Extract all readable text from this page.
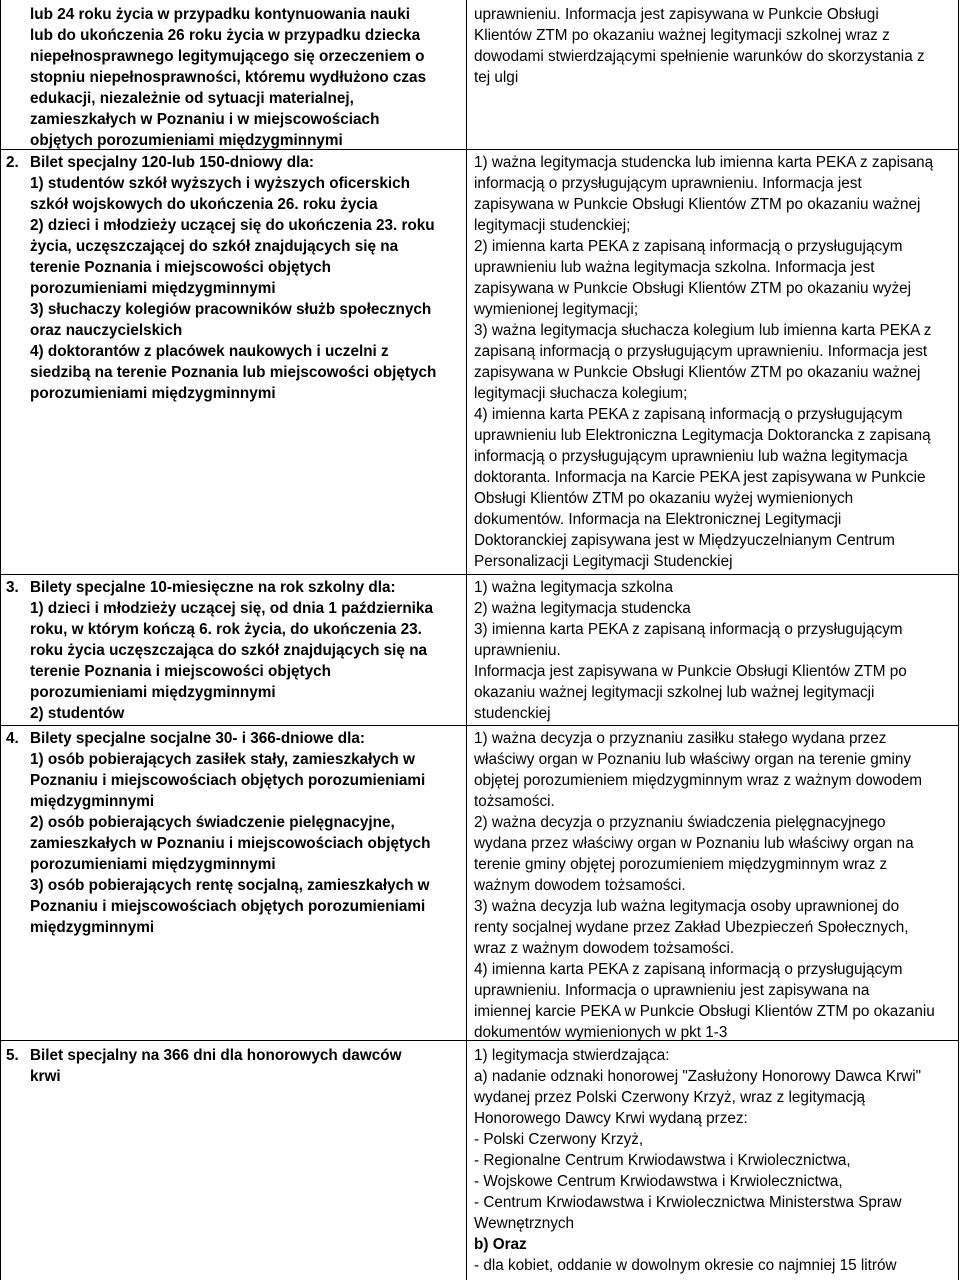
lub 24 roku życia w przypadku kontynuowania nauki
lub do ukończenia 26 roku życia w przypadku dziecka
niepełnosprawnego legitymującego się orzeczeniem o
stopniu niepełnosprawności, któremu wydłużono czas
edukacji, niezależnie od sytuacji materialnej,
zamieszkałych w Poznaniu i w miejscowościach
objętych porozumieniami międzygminnymi
uprawnieniu. Informacja jest zapisywana w Punkcie Obsługi
Klientów ZTM po okazaniu ważnej legitymacji szkolnej wraz z
dowodami stwierdzającymi spełnienie warunków do skorzystania z
tej ulgi
2. Bilet specjalny 120-lub 150-dniowy dla:
1) studentów szkół wyższych i wyższych oficerskich
szkół wojskowych do ukończenia 26. roku życia
2) dzieci i młodzieży uczącej się do ukończenia 23. roku
życia, uczęszczającej do szkół znajdujących się na
terenie Poznania i miejscowości objętych
porozumieniami międzygminnymi
3) słuchaczy kolegiów pracowników służb społecznych
oraz nauczycielskich
4) doktorantów z placówek naukowych i uczelni z
siedzibą na terenie Poznania lub miejscowości objętych
porozumieniami międzygminnymi
1) ważna legitymacja studencka lub imienna karta PEKA z zapisaną
informacją o przysługującym uprawnieniu. Informacja jest
zapisywana w Punkcie Obsługi Klientów ZTM po okazaniu ważnej
legitymacji studenckiej;
2) imienna karta PEKA z zapisaną informacją o przysługującym
uprawnieniu lub ważna legitymacja szkolna. Informacja jest
zapisywana w Punkcie Obsługi Klientów ZTM po okazaniu wyżej
wymienionej legitymacji;
3) ważna legitymacja słuchacza kolegium lub imienna karta PEKA z
zapisaną informacją o przysługującym uprawnieniu. Informacja jest
zapisywana w Punkcie Obsługi Klientów ZTM po okazaniu ważnej
legitymacji słuchacza kolegium;
4) imienna karta PEKA z zapisaną informacją o przysługującym
uprawnieniu lub Elektroniczna Legitymacja Doktorancka z zapisaną
informacją o przysługującym uprawnieniu lub ważna legitymacja
doktoranta. Informacja na Karcie PEKA jest zapisywana w Punkcie
Obsługi Klientów ZTM po okazaniu wyżej wymienionych
dokumentów. Informacja na Elektronicznej Legitymacji
Doktoranckiej zapisywana jest w Międzyuczelnianym Centrum
Personalizacji Legitymacji Studenckiej
3. Bilety specjalne 10-miesięczne na rok szkolny dla:
1) dzieci i młodzieży uczącej się, od dnia 1 października
roku, w którym kończą 6. rok życia, do ukończenia 23.
roku życia uczęszczająca do szkół znajdujących się na
terenie Poznania i miejscowości objętych
porozumieniami międzygminnymi
2) studentów
1) ważna legitymacja szkolna
2) ważna legitymacja studencka
3) imienna karta PEKA z zapisaną informacją o przysługującym
uprawnieniu.
Informacja jest zapisywana w Punkcie Obsługi Klientów ZTM po
okazaniu ważnej legitymacji szkolnej lub ważnej legitymacji
studenckiej
4. Bilety specjalne socjalne 30- i 366-dniowe dla:
1) osób pobierających zasiłek stały, zamieszkałych w
Poznaniu i miejscowościach objętych porozumieniami
międzygminnymi
2) osób pobierających świadczenie pielęgnacyjne,
zamieszkałych w Poznaniu i miejscowościach objętych
porozumieniami międzygminnymi
3) osób pobierających rentę socjalną, zamieszkałych w
Poznaniu i miejscowościach objętych porozumieniami
międzygminnymi
1) ważna decyzja o przyznaniu zasiłku stałego wydana przez
właściwy organ w Poznaniu lub właściwy organ na terenie gminy
objętej porozumieniem międzygminnym wraz z ważnym dowodem
tożsamości.
2) ważna decyzja o przyznaniu świadczenia pielęgnacyjnego
wydana przez właściwy organ w Poznaniu lub właściwy organ na
terenie gminy objętej porozumieniem międzygminnym wraz z
ważnym dowodem tożsamości.
3) ważna decyzja lub ważna legitymacja osoby uprawnionej do
renty socjalnej wydane przez Zakład Ubezpieczeń Społecznych,
wraz z ważnym dowodem tożsamości.
4) imienna karta PEKA z zapisaną informacją o przysługującym
uprawnieniu. Informacja o uprawnieniu jest zapisywana na
imiennej karcie PEKA w Punkcie Obsługi Klientów ZTM po okazaniu
dokumentów wymienionych w pkt 1-3
5. Bilet specjalny na 366 dni dla honorowych dawców
krwi
1) legitymacja stwierdzająca:
a) nadanie odznaki honorowej "Zasłużony Honorowy Dawca Krwi"
wydanej przez Polski Czerwony Krzyż, wraz z legitymacją
Honorowego Dawcy Krwi wydaną przez:
- Polski Czerwony Krzyż,
- Regionalne Centrum Krwiodawstwa i Krwiolecznictwa,
- Wojskowe Centrum Krwiodawstwa i Krwiolecznictwa,
- Centrum Krwiodawstwa i Krwiolecznictwa Ministerstwa Spraw
Wewnętrznych
b) Oraz
- dla kobiet, oddanie w dowolnym okresie co najmniej 15 litrów
